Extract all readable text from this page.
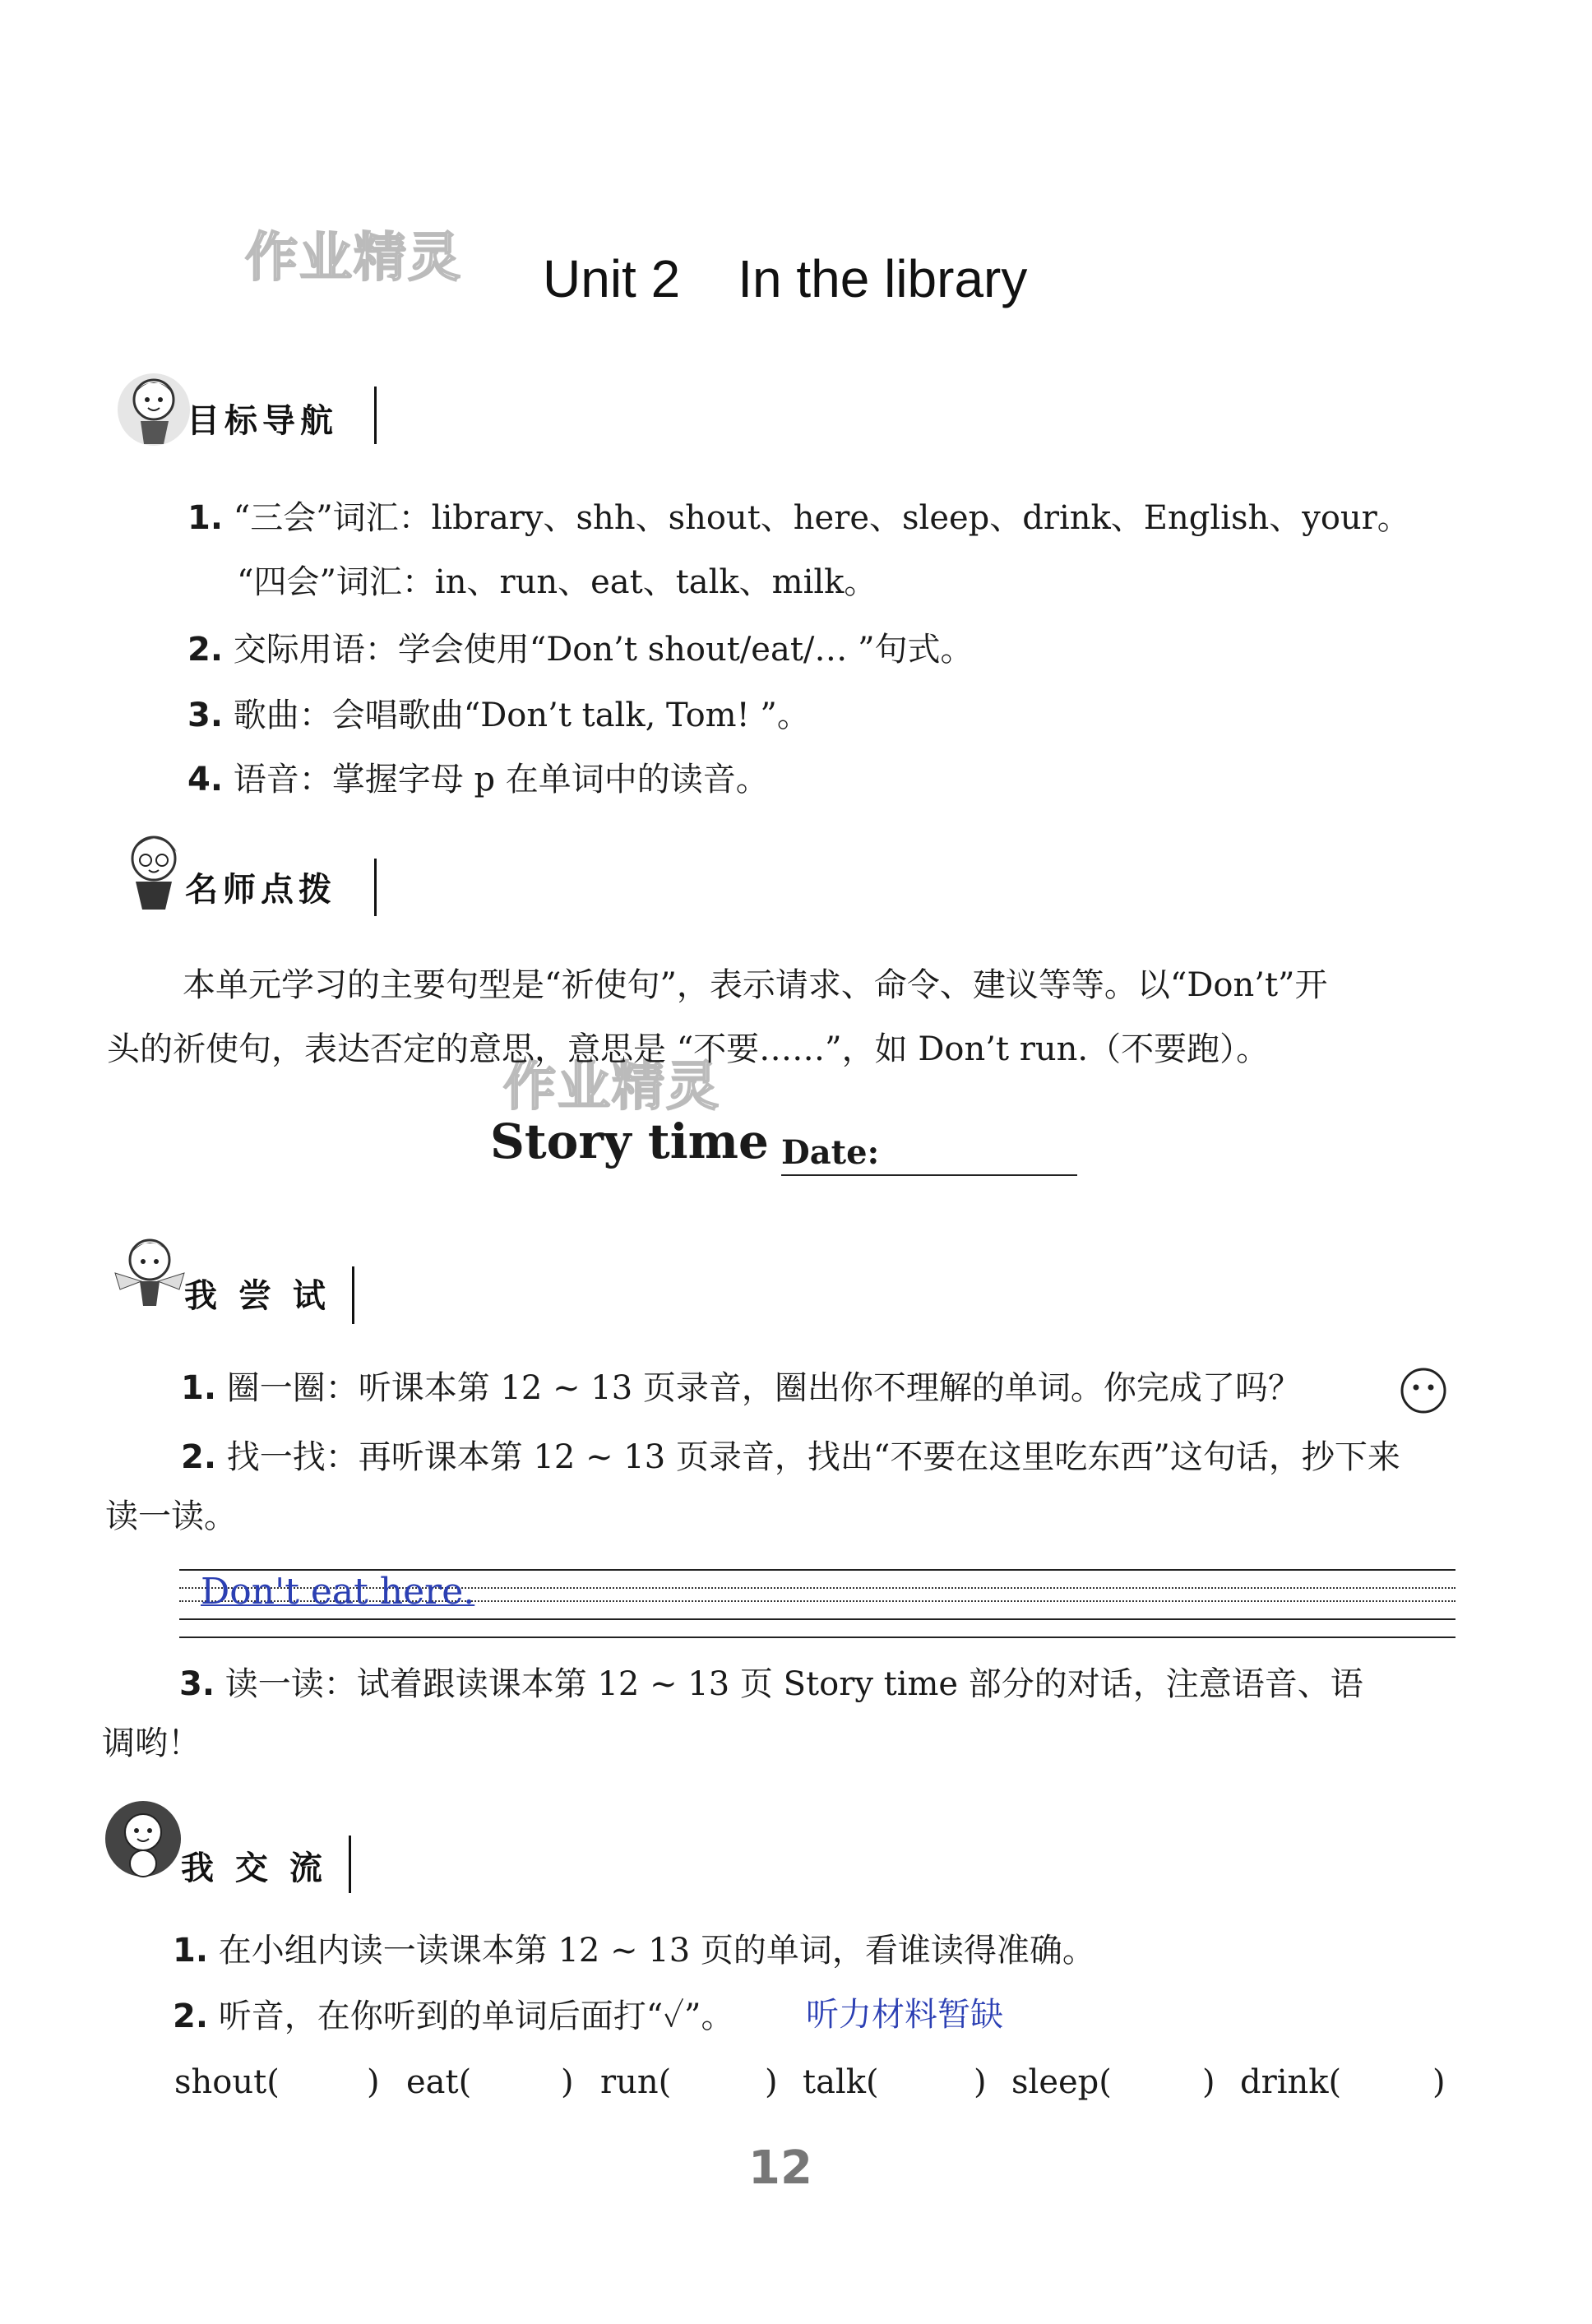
作业精灵
作业精灵
Unit 2 In the library
目标导航
1. “三会”词汇：library、shh、shout、here、sleep、drink、English、your。
“四会”词汇：in、run、eat、talk、milk。
2. 交际用语：学会使用“Don’t shout/eat/… ”句式。
3. 歌曲：会唱歌曲“Don’t talk, Tom! ”。
4. 语音：掌握字母 p 在单词中的读音。
名师点拨
本单元学习的主要句型是“祈使句”，表示请求、命令、建议等等。以“Don’t”开
头的祈使句，表达否定的意思，意思是 “不要……”，如 Don’t run.（不要跑）。
Story time Date:
我 尝 试
1. 圈一圈：听课本第 12 ~ 13 页录音，圈出你不理解的单词。你完成了吗？
2. 找一找：再听课本第 12 ~ 13 页录音，找出“不要在这里吃东西”这句话，抄下来
读一读。
Don't eat here.
3. 读一读：试着跟读课本第 12 ~ 13 页 Story time 部分的对话，注意语音、语
调哟！
我 交 流
1. 在小组内读一读课本第 12 ~ 13 页的单词，看谁读得准确。
2. 听音，在你听到的单词后面打“✓”。 听力材料暂缺
shout(	) eat(	) run(	) talk(	) sleep(	) drink(	)
12
